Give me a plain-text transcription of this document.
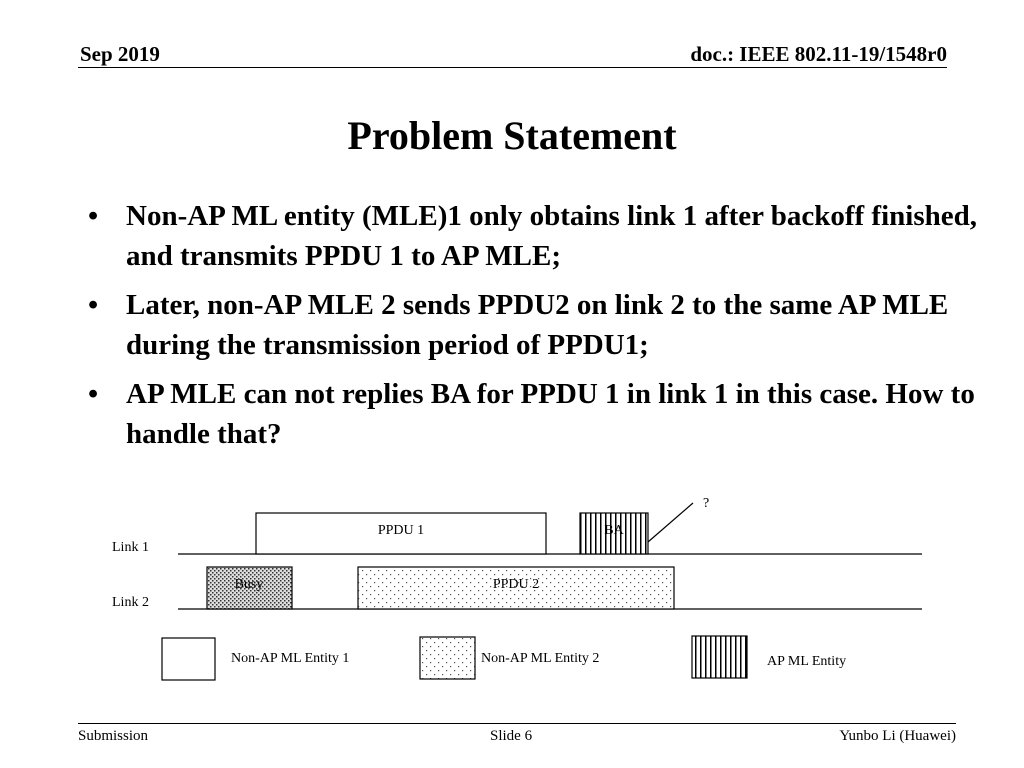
Sep 2019	doc.: IEEE 802.11-19/1548r0
Problem Statement
• Non-AP ML entity (MLE)1 only obtains link 1 after backoff finished, and transmits PPDU 1 to AP MLE;
• Later, non-AP MLE 2 sends PPDU2 on link 2 to the same AP MLE during the transmission period of PPDU1;
• AP MLE can not replies BA for PPDU 1 in link 1 in this case. How to handle that?
?
Link 1
PPDU 1	BA
Link 2
Busy	PPDU 2
Non-AP ML Entity 1	Non-AP ML Entity 2	AP ML Entity
Submission	Slide 6	Yunbo Li (Huawei)
